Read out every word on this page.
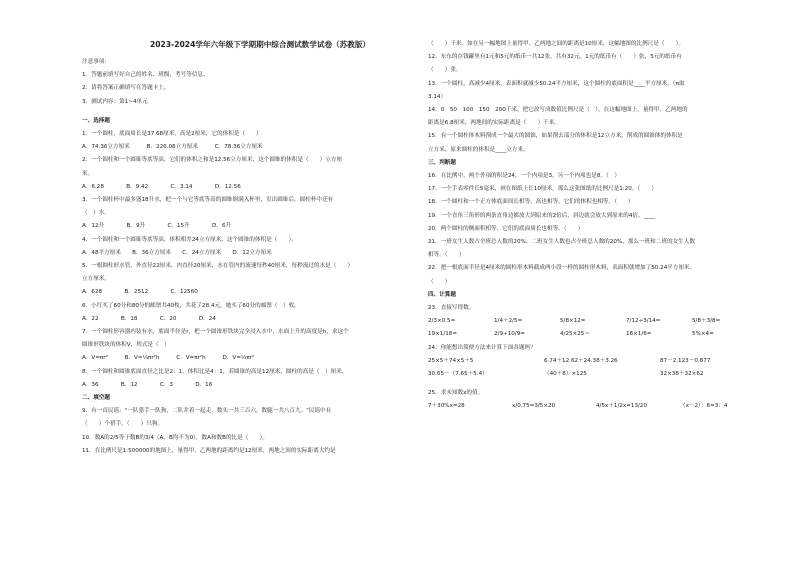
2023-2024学年六年级下学期期中综合测试数学试卷（苏教版）
注意事项：
1．答题前填写好自己的姓名、班级、考号等信息。
2．请将答案正确填写在答题卡上。
3．测试内容：第1~4单元
一、选择题
1．一个圆柱，底面周长是37.68厘米，高是2厘米，它的体积是（　　）
A．74.36立方厘米　　　B．226.08立方厘米　　　C．78.36立方厘米
2．一个圆柱和一个圆锥等底等高，它们的体积之和是12.56立方厘米，这个圆锥的体积是（　　）立方厘
米。
A．6.28　　　　B．9.42　　　　C．3.14　　　　D．12.56
3．一个圆柱杯中最多盛18升水，把一个与它等底等高的圆锥倒满入杯里，室出圆锥后，圆柱杯中还有
（　）水。
A．12升　　　　B．9升　　　　C．15升　　　　D．6升
4．一个圆柱和一个圆锥等底等高，体积相差24立方厘米，这个圆锥的体积是（　　）。
A．48平方厘米　　B．36立方厘米　　C．24立方厘米　　D．12立方厘米
5．一根圆柱形水管，外直径22厘米，内直径20厘米，水在管内的流速每秒40厘米，每秒流过的水是（　　）
立方厘米。
A．628　　　　B．2512　　　　C．12560
6．小红买了60分和80分的邮票共40枚，共花了28.4元，她买了60分的邮票（　）枚。
A．22　　　　B．18　　　　C．20　　　　D．24
7．一个圆柱形容器内装有水，底面半径是r，把一个圆锥形铁块完全浸入水中，水面上升的高度是h，求这个
圆锥形铁块的体积V，列式是（　）
A．V=πr²　　　B．V=⅓πr²h　　　C．V=πr²h　　　D．V=⅓πr²
8．一个圆柱和圆锥底面直径之比是2：1，体积比是4：1，若圆锥的高是12厘米，圆柱的高是（　）厘米。
A．36　　　　B．12　　　　C．3　　　　D．16
二、填空题
9．有一首民谣："一队猎手一队狗，二队并着一起走，数头一共三百六，数腿一共八百九。"民谣中有
（　　）个猎手，（　　）只狗。
10．数A的2/5等于数B的3/4（A、B均不为0），数A和数B的比是（　　）。
11．在比例尺是1:500000的地图上，量得甲、乙两地的距离约是12厘米，两地之间的实际距离大约是
（　　）千米。如在另一幅地图上量得甲、乙两地之间的距离是10厘米，这幅地图的比例尺是（　　）。
12．东东的存钱罐里有1元和5元的纸币一共12张，共有32元。1元的纸币有（　　）张，5元的纸币有
（　　）张。
13．一个圆柱，高减少4厘米，表面积就减少50.24平方厘米，这个圆柱的底面积是____平方厘米。（π取
3.14）
14．0　50　100　150　200千米，把它改写成数值比例尺是（　），在这幅地图上，量得甲、乙两地的
距离是6.8厘米，两地间的实际距离是（　　）千米。
15．有一个圆柱体木料削成一个最大的圆锥，如果削去部分的体积是12立方米，削成的圆锥体的体积是
立方米，原来圆柱的体积是____立方米。
三、判断题
16．在比例中，两个外项的积是24，一个内项是3，另一个内项也是8。（　）
17．一个手表零件长5毫米，画在图纸上长10厘米，那么这张图纸的比例尺是1:20。（　　）
18．一个圆柱和一个正方体底面周长相等，高也相等，它们的体积也相等。（　　）
19．一个直角三角形的两条直角边都放大到原来的2倍后，斜边就会放大到原来的4倍。____
20．两个圆柱的侧面积相等，它们的底面周长也相等。（　　）
21．一班女生人数占全班总人数的20%，二班女生人数也占全班总人数的20%，那么一班和二班的女生人数
相等。（　　）
22．把一根底面半径是4厘米的圆柱形木料截成两小段一样的圆柱形木料，表面积就增加了50.24平方厘米。
（　　）
四、计算题
23．直接写得数。
2/3×0.5=	1/4＋2/5=	5/8×12=	7/12÷3/14=	5/8＋3/8=
19×1/18=	2/9÷10/9=	4/25×25＝	18×1/6=	5%×4=
24．你能想出简便方法来计算下面各题吗？
25×5＋74×5＋5	6.74＋12.62＋24.38＋3.26	87－2.123－0.877
30.65－（7.65＋5.4）	（40＋8）×125	32×38＋32×62
25．求未知数x的值。
7＋30%x=28	x/0.75=3/5×20	4/5x＋1/2x=13/20	（x－2）：6=3：4
